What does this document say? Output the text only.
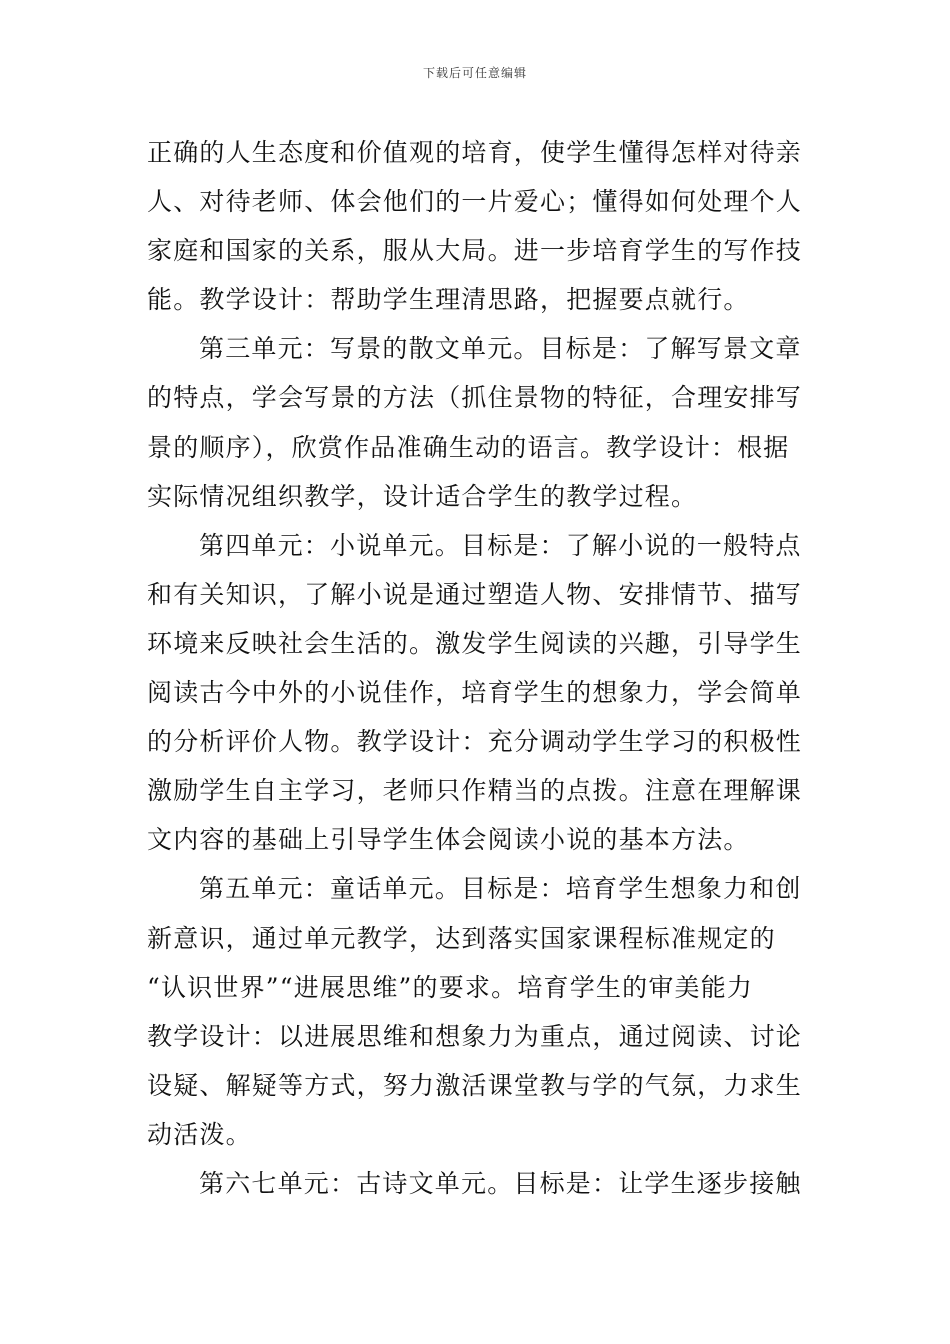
下载后可任意编辑
正确的人生态度和价值观的培育，使学生懂得怎样对待亲
人、对待老师、体会他们的一片爱心；懂得如何处理个人
家庭和国家的关系，服从大局。进一步培育学生的写作技
能。教学设计：帮助学生理清思路，把握要点就行。
第三单元：写景的散文单元。目标是：了解写景文章
的特点，学会写景的方法（抓住景物的特征，合理安排写
景的顺序），欣赏作品准确生动的语言。教学设计：根据
实际情况组织教学，设计适合学生的教学过程。
第四单元：小说单元。目标是：了解小说的一般特点
和有关知识，了解小说是通过塑造人物、安排情节、描写
环境来反映社会生活的。激发学生阅读的兴趣，引导学生
阅读古今中外的小说佳作，培育学生的想象力，学会简单
的分析评价人物。教学设计：充分调动学生学习的积极性
激励学生自主学习，老师只作精当的点拨。注意在理解课
文内容的基础上引导学生体会阅读小说的基本方法。
第五单元：童话单元。目标是：培育学生想象力和创
新意识，通过单元教学，达到落实国家课程标准规定的
“认识世界”“进展思维”的要求。培育学生的审美能力
教学设计：以进展思维和想象力为重点，通过阅读、讨论
设疑、解疑等方式，努力激活课堂教与学的气氛，力求生
动活泼。
第六七单元：古诗文单元。目标是：让学生逐步接触
